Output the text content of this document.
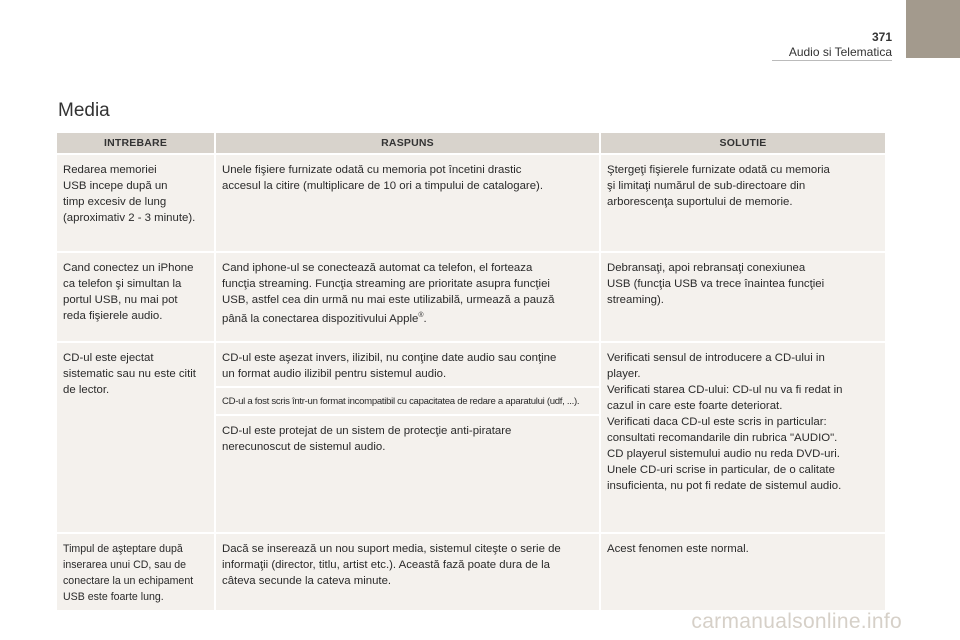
371
Audio si Telematica
Media
INTREBARE	RASPUNS	SOLUTIE
Redarea memoriei
USB incepe după un
timp excesiv de lung
(aproximativ 2 - 3 minute).
Unele fişiere furnizate odată cu memoria pot încetini drastic
accesul la citire (multiplicare de 10 ori a timpului de catalogare).
Ştergeţi fişierele furnizate odată cu memoria
şi limitaţi numărul de sub-directoare din
arborescenţa suportului de memorie.
Cand conectez un iPhone
ca telefon şi simultan la
portul USB, nu mai pot
reda fişierele audio.
Cand iphone-ul se conectează automat ca telefon, el forteaza
funcţia streaming. Funcţia streaming are prioritate asupra funcţiei
USB, astfel cea din urmă nu mai este utilizabilă, urmează a pauză
până la conectarea dispozitivului Apple®.
Debransaţi, apoi rebransaţi conexiunea
USB (funcţia USB va trece înaintea funcţiei
streaming).
CD-ul este ejectat
sistematic sau nu este citit
de lector.
CD-ul este aşezat invers, ilizibil, nu conţine date audio sau conţine
un format audio ilizibil pentru sistemul audio.
CD-ul a fost scris într-un format incompatibil cu capacitatea de redare a aparatului (udf, ...).
CD-ul este protejat de un sistem de protecţie anti-piratare
nerecunoscut de sistemul audio.
Verificati sensul de introducere a CD-ului in
player.
Verificati starea CD-ului: CD-ul nu va fi redat in
cazul in care este foarte deteriorat.
Verificati daca CD-ul este scris in particular:
consultati recomandarile din rubrica "AUDIO".
CD playerul sistemului audio nu reda DVD-uri.
Unele CD-uri scrise in particular, de o calitate
insuficienta, nu pot fi redate de sistemul audio.
Timpul de aşteptare după
inserarea unui CD, sau de
conectare la un echipament
USB este foarte lung.
Dacă se inserează un nou suport media, sistemul citeşte o serie de
informaţii (director, titlu, artist etc.). Această fază poate dura de la
câteva secunde la cateva minute.
Acest fenomen este normal.
carmanualsonline.info
